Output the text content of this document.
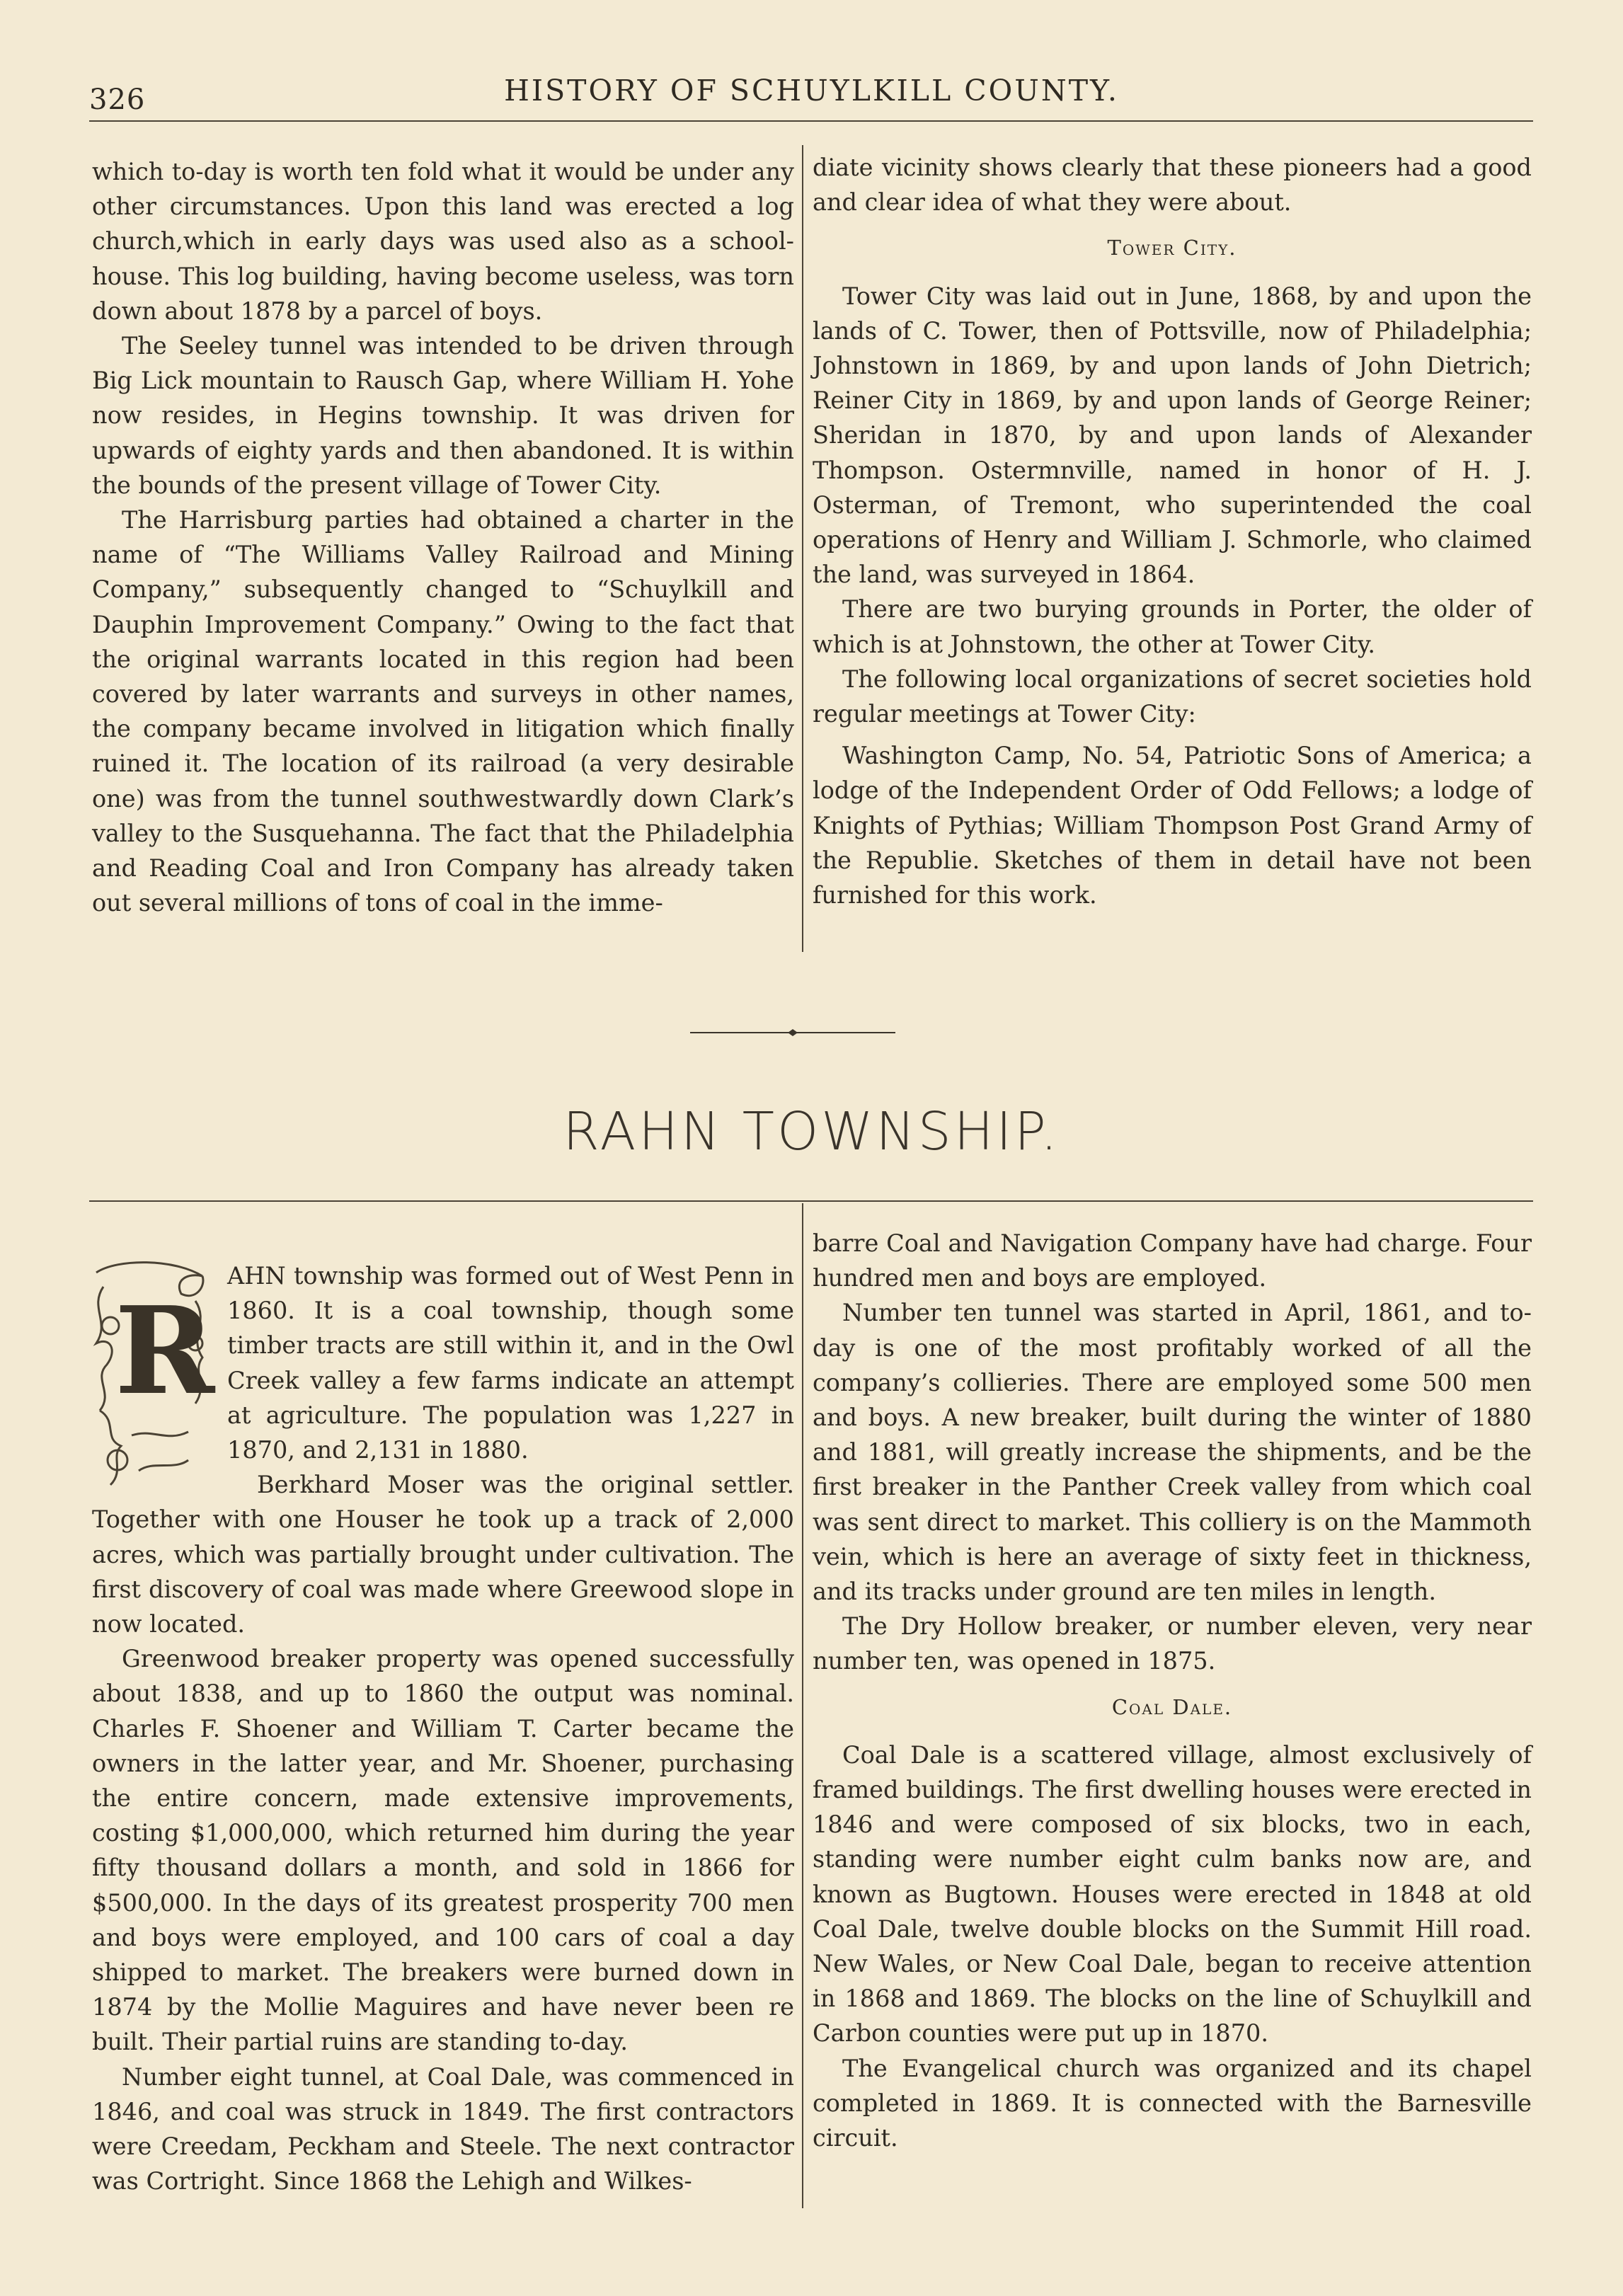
326	HISTORY OF SCHUYLKILL COUNTY.

which to-day is worth ten fold what it would be under any other circumstances. Upon this land was erected a log church,which in early days was used also as a school-house. This log building, having become useless, was torn down about 1878 by a parcel of boys.

The Seeley tunnel was intended to be driven through Big Lick mountain to Rausch Gap, where William H. Yohe now resides, in Hegins township. It was driven for upwards of eighty yards and then abandoned. It is within the bounds of the present village of Tower City.

The Harrisburg parties had obtained a charter in the name of “The Williams Valley Railroad and Mining Company,” subsequently changed to “Schuylkill and Dauphin Improvement Company.” Owing to the fact that the original warrants located in this region had been covered by later warrants and surveys in other names, the company became involved in litigation which finally ruined it. The location of its railroad (a very desirable one) was from the tunnel southwestwardly down Clark’s valley to the Susquehanna. The fact that the Philadelphia and Reading Coal and Iron Company has already taken out several millions of tons of coal in the imme-

diate vicinity shows clearly that these pioneers had a good and clear idea of what they were about.

Tower City.

Tower City was laid out in June, 1868, by and upon the lands of C. Tower, then of Pottsville, now of Philadelphia; Johnstown in 1869, by and upon lands of John Dietrich; Reiner City in 1869, by and upon lands of George Reiner; Sheridan in 1870, by and upon lands of Alexander Thompson. Ostermnville, named in honor of H. J. Osterman, of Tremont, who superintended the coal operations of Henry and William J. Schmorle, who claimed the land, was surveyed in 1864.

There are two burying grounds in Porter, the older of which is at Johnstown, the other at Tower City.

The following local organizations of secret societies hold regular meetings at Tower City:

Washington Camp, No. 54, Patriotic Sons of America; a lodge of the Independent Order of Odd Fellows; a lodge of Knights of Pythias; William Thompson Post Grand Army of the Republie. Sketches of them in detail have not been furnished for this work.

RAHN TOWNSHIP.
R

AHN township was formed out of West Penn in 1860. It is a coal township, though some timber tracts are still within it, and in the Owl Creek valley a few farms indicate an attempt at agriculture. The population was 1,227 in 1870, and 2,131 in 1880.

Berkhard Moser was the original settler. Together with one Houser he took up a track of 2,000 acres, which was partially brought under cultivation. The first discovery of coal was made where Greewood slope in now located.

Greenwood breaker property was opened successfully about 1838, and up to 1860 the output was nominal. Charles F. Shoener and William T. Carter became the owners in the latter year, and Mr. Shoener, purchasing the entire concern, made extensive improvements, costing $1,000,000, which returned him during the year fifty thousand dollars a month, and sold in 1866 for $500,000. In the days of its greatest prosperity 700 men and boys were employed, and 100 cars of coal a day shipped to market. The breakers were burned down in 1874 by the Mollie Maguires and have never been re built. Their partial ruins are standing to-day.

Number eight tunnel, at Coal Dale, was commenced in 1846, and coal was struck in 1849. The first contractors were Creedam, Peckham and Steele. The next contractor was Cortright. Since 1868 the Lehigh and Wilkes-

barre Coal and Navigation Company have had charge. Four hundred men and boys are employed.

Number ten tunnel was started in April, 1861, and to-day is one of the most profitably worked of all the company’s collieries. There are employed some 500 men and boys. A new breaker, built during the winter of 1880 and 1881, will greatly increase the shipments, and be the first breaker in the Panther Creek valley from which coal was sent direct to market. This colliery is on the Mammoth vein, which is here an average of sixty feet in thickness, and its tracks under ground are ten miles in length.

The Dry Hollow breaker, or number eleven, very near number ten, was opened in 1875.

Coal Dale.

Coal Dale is a scattered village, almost exclusively of framed buildings. The first dwelling houses were erected in 1846 and were composed of six blocks, two in each, standing were number eight culm banks now are, and known as Bugtown. Houses were erected in 1848 at old Coal Dale, twelve double blocks on the Summit Hill road. New Wales, or New Coal Dale, began to receive attention in 1868 and 1869. The blocks on the line of Schuylkill and Carbon counties were put up in 1870.

The Evangelical church was organized and its chapel completed in 1869. It is connected with the Barnesville circuit.
